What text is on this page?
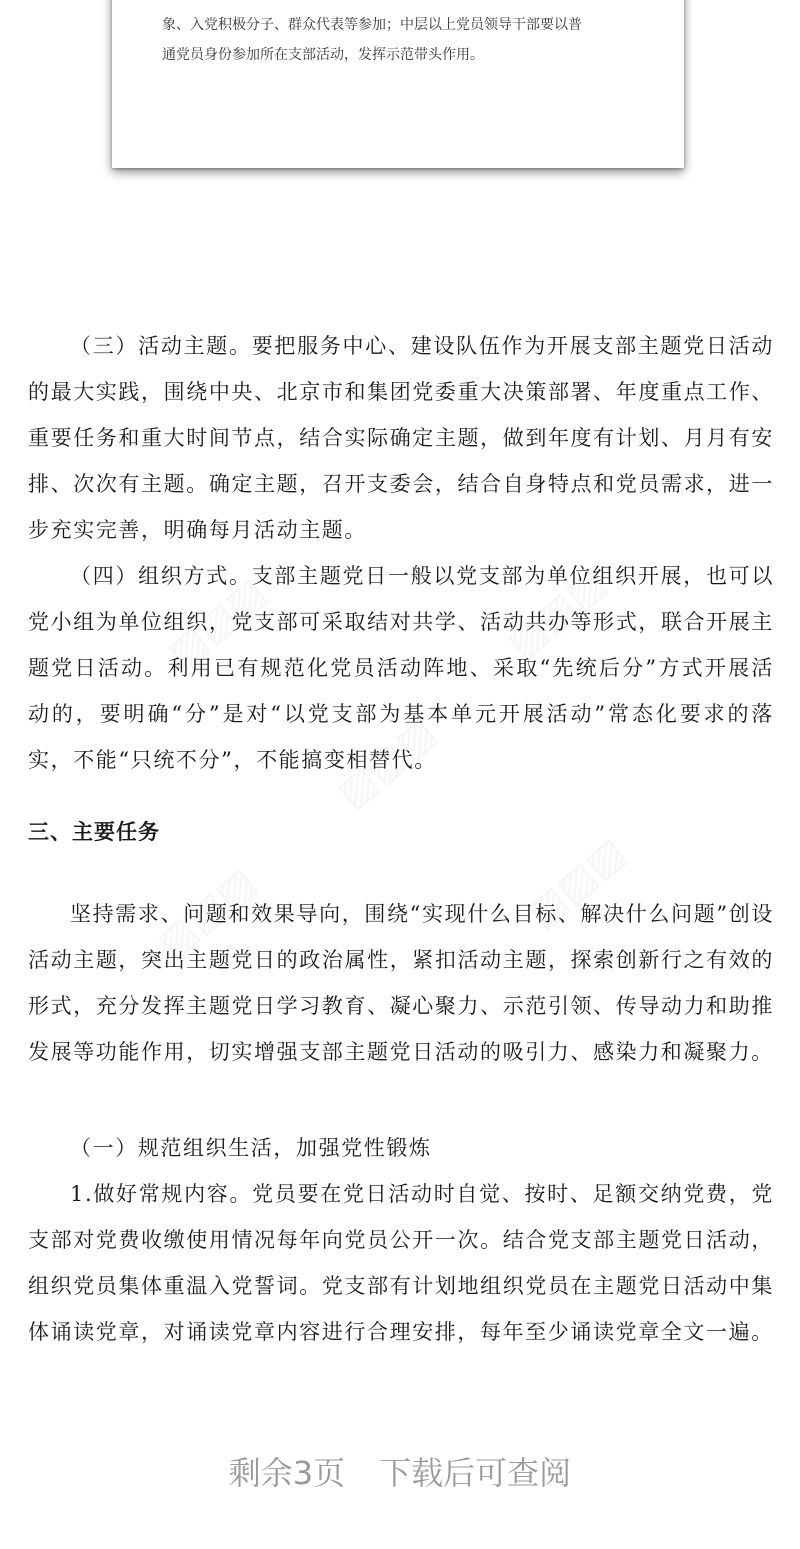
象、入党积极分子、群众代表等参加；中层以上党员领导干部要以普
通党员身份参加所在支部活动，发挥示范带头作用。

（三）活动主题。要把服务中心、建设队伍作为开展支部主题党日活动的最大实践，围绕中央、北京市和集团党委重大决策部署、年度重点工作、重要任务和重大时间节点，结合实际确定主题，做到年度有计划、月月有安排、次次有主题。确定主题，召开支委会，结合自身特点和党员需求，进一步充实完善，明确每月活动主题。

（四）组织方式。支部主题党日一般以党支部为单位组织开展，也可以党小组为单位组织，党支部可采取结对共学、活动共办等形式，联合开展主题党日活动。利用已有规范化党员活动阵地、采取“先统后分”方式开展活动的，要明确“分”是对“以党支部为基本单元开展活动”常态化要求的落实，不能“只统不分”，不能搞变相替代。

三、主要任务

坚持需求、问题和效果导向，围绕“实现什么目标、解决什么问题”创设活动主题，突出主题党日的政治属性，紧扣活动主题，探索创新行之有效的形式，充分发挥主题党日学习教育、凝心聚力、示范引领、传导动力和助推发展等功能作用，切实增强支部主题党日活动的吸引力、感染力和凝聚力。

（一）规范组织生活，加强党性锻炼

1.做好常规内容。党员要在党日活动时自觉、按时、足额交纳党费，党支部对党费收缴使用情况每年向党员公开一次。结合党支部主题党日活动，组织党员集体重温入党誓词。党支部有计划地组织党员在主题党日活动中集体诵读党章，对诵读党章内容进行合理安排，每年至少诵读党章全文一遍。

剩余3页 下载后可查阅
